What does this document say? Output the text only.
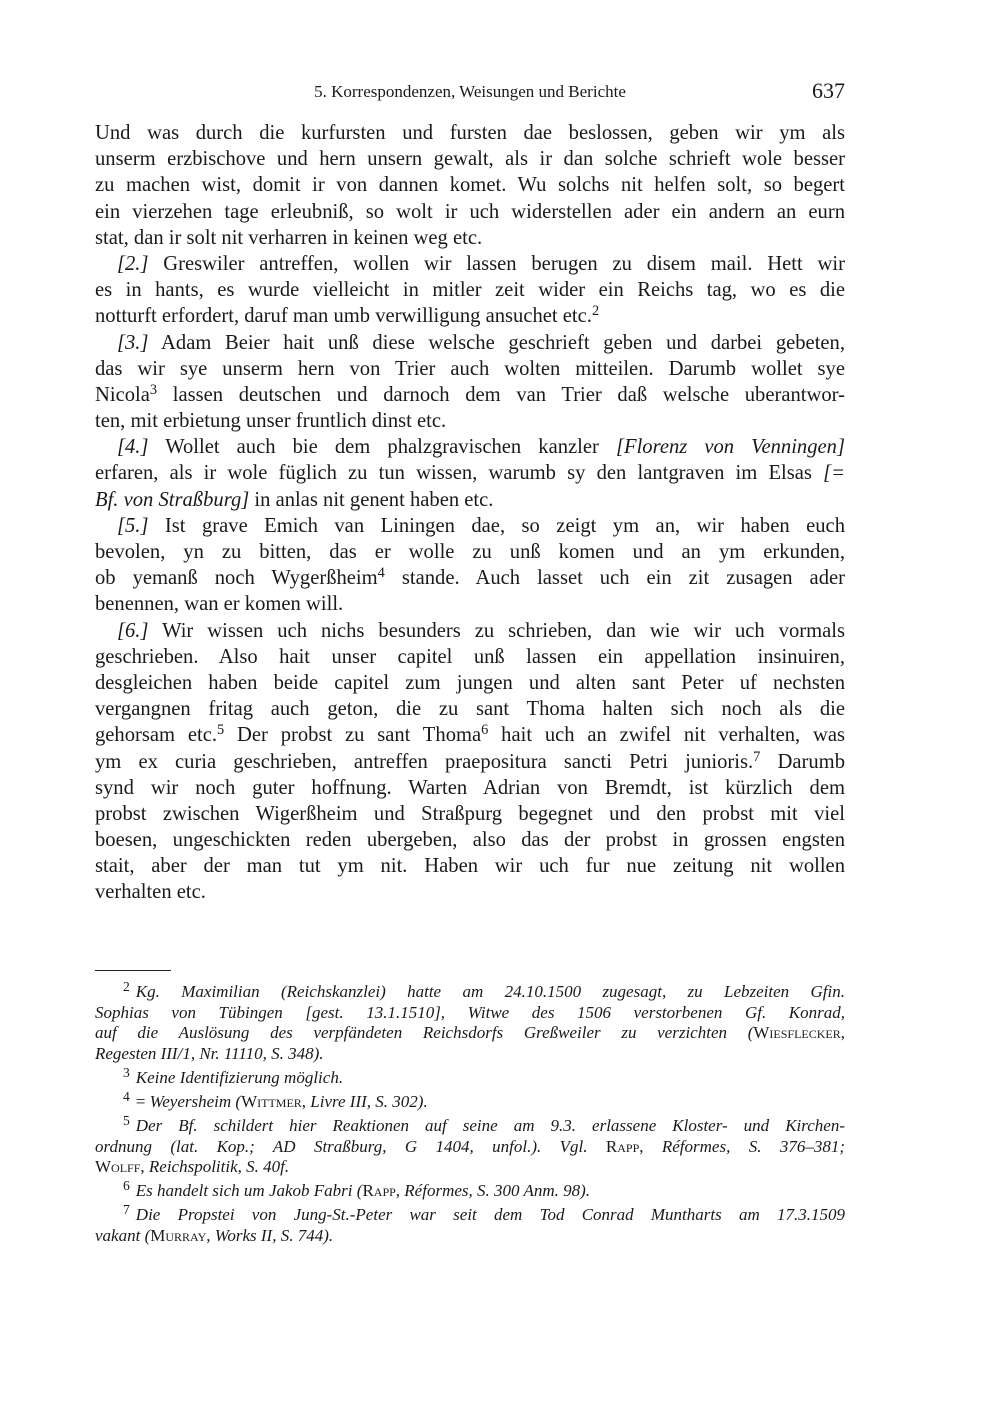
5. Korrespondenzen, Weisungen und Berichte	637
Und was durch die kurfursten und fursten dae beslossen, geben wir ym als
unserm erzbischove und hern unsern gewalt, als ir dan solche schrieft wole besser
zu machen wist, domit ir von dannen komet. Wu solchs nit helfen solt, so begert
ein vierzehen tage erleubniß, so wolt ir uch widerstellen ader ein andern an eurn
stat, dan ir solt nit verharren in keinen weg etc.
[2.] Greswiler antreffen, wollen wir lassen berugen zu disem mail. Hett wir
es in hants, es wurde vielleicht in mitler zeit wider ein Reichs tag, wo es die
notturft erfordert, daruf man umb verwilligung ansuchet etc.$^2$
[3.] Adam Beier hait unß diese welsche geschrieft geben und darbei gebeten,
das wir sye unserm hern von Trier auch wolten mitteilen. Darumb wollet sye
Nicola$^3$ lassen deutschen und darnoch dem van Trier daß welsche uberantwor-
ten, mit erbietung unser fruntlich dinst etc.
[4.] Wollet auch bie dem phalzgravischen kanzler [Florenz von Venningen]
erfaren, als ir wole füglich zu tun wissen, warumb sy den lantgraven im Elsas [=
Bf. von Straßburg] in anlas nit genent haben etc.
[5.] Ist grave Emich van Liningen dae, so zeigt ym an, wir haben euch
bevolen, yn zu bitten, das er wolle zu unß komen und an ym erkunden,
ob yemanß noch Wygerßheim$^4$ stande. Auch lasset uch ein zit zusagen ader
benennen, wan er komen will.
[6.] Wir wissen uch nichs besunders zu schrieben, dan wie wir uch vormals
geschrieben. Also hait unser capitel unß lassen ein appellation insinuiren,
desgleichen haben beide capitel zum jungen und alten sant Peter uf nechsten
vergangnen fritag auch geton, die zu sant Thoma halten sich noch als die
gehorsam etc.$^5$ Der probst zu sant Thoma$^6$ hait uch an zwifel nit verhalten, was
ym ex curia geschrieben, antreffen praepositura sancti Petri junioris.$^7$ Darumb
synd wir noch guter hoffnung. Warten Adrian von Bremdt, ist kürzlich dem
probst zwischen Wigerßheim und Straßpurg begegnet und den probst mit viel
boesen, ungeschickten reden ubergeben, also das der probst in grossen engsten
stait, aber der man tut ym nit. Haben wir uch fur nue zeitung nit wollen
verhalten etc.
$^2$ Kg. Maximilian (Reichskanzlei) hatte am 24.10.1500 zugesagt, zu Lebzeiten Gfin.
Sophias von Tübingen [gest. 13.1.1510], Witwe des 1506 verstorbenen Gf. Konrad,
auf die Auslösung des verpfändeten Reichsdorfs Greßweiler zu verzichten (Wiesflecker,
Regesten III/1, Nr. 11110, S. 348).
$^3$ Keine Identifizierung möglich.
$^4$ = Weyersheim (Wittmer, Livre III, S. 302).
$^5$ Der Bf. schildert hier Reaktionen auf seine am 9.3. erlassene Kloster- und Kirchen-
ordnung (lat. Kop.; AD Straßburg, G 1404, unfol.). Vgl. Rapp, Réformes, S. 376–381;
Wolff, Reichspolitik, S. 40f.
$^6$ Es handelt sich um Jakob Fabri (Rapp, Réformes, S. 300 Anm. 98).
$^7$ Die Propstei von Jung-St.-Peter war seit dem Tod Conrad Muntharts am 17.3.1509
vakant (Murray, Works II, S. 744).
